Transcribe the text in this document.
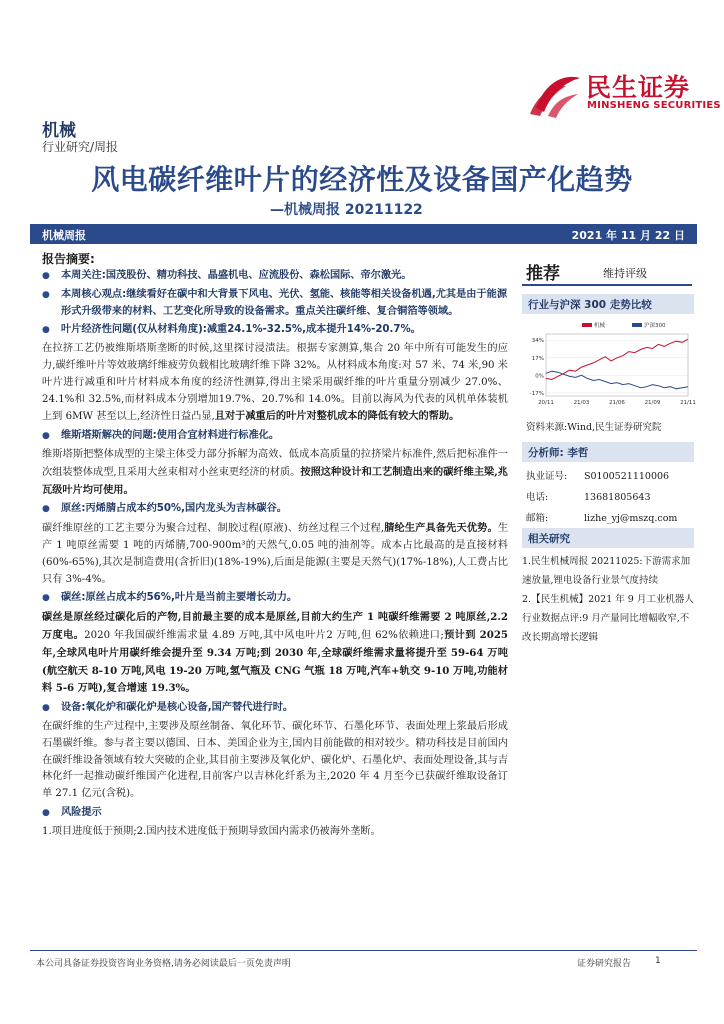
民生证券
MINSHENG SECURITIES
机械
行业研究/周报
风电碳纤维叶片的经济性及设备国产化趋势
—机械周报 20211122
机械周报	2021 年 11 月 22 日
报告摘要:
● 本周关注:国茂股份、精功科技、晶盛机电、应流股份、森松国际、帝尔激光。
● 本周核心观点:继续看好在碳中和大背景下风电、光伏、氢能、核能等相关设备机遇,尤其是由于能源形式升级带来的材料、工艺变化所导致的设备需求。重点关注碳纤维、复合铜箔等领域。
● 叶片经济性问题(仅从材料角度):减重24.1%-32.5%,成本提升14%-20.7%。

在拉挤工艺仍被维斯塔斯垄断的时候,这里探讨浸渍法。根据专家测算,集合 20 年中所有可能发生的应力,碳纤维叶片等效玻璃纤维疲劳负载相比玻璃纤维下降 32%。从材料成本角度:对 57 米、74 米,90 米叶片进行减重和叶片材料成本角度的经济性测算,得出主梁采用碳纤维的叶片重量分别减少 27.0%、24.1%和 32.5%,而材料成本分别增加19.7%、20.7%和 14.0%。目前以海风为代表的风机单体装机上到 6MW 甚至以上,经济性日益凸显,且对于减重后的叶片对整机成本的降低有较大的帮助。

● 维斯塔斯解决的问题:使用合宜材料进行标准化。

维斯塔斯把整体成型的主梁主体受力部分拆解为高效、低成本高质量的拉挤梁片标准件,然后把标准件一次组装整体成型,且采用大丝束相对小丝束更经济的材质。按照这种设计和工艺制造出来的碳纤维主梁,兆瓦级叶片均可使用。

● 原丝:丙烯腈占成本约50%,国内龙头为吉林碳谷。

碳纤维原丝的工艺主要分为聚合过程、制胶过程(原液)、纺丝过程三个过程,腈纶生产具备先天优势。生产 1 吨原丝需要 1 吨的丙烯腈,700-900m³的天然气,0.05 吨的油剂等。成本占比最高的是直接材料(60%-65%),其次是制造费用(含折旧)(18%-19%),后面是能源(主要是天然气)(17%-18%),人工费占比只有 3%-4%。

● 碳丝:原丝占成本约56%,叶片是当前主要增长动力。

碳丝是原丝经过碳化后的产物,目前最主要的成本是原丝,目前大约生产 1 吨碳纤维需要 2 吨原丝,2.2 万度电。2020 年我国碳纤维需求量 4.89 万吨,其中风电叶片2 万吨,但 62%依赖进口;预计到 2025 年,全球风电叶片用碳纤维会提升至 9.34 万吨;到 2030 年,全球碳纤维需求量将提升至 59-64 万吨(航空航天 8-10 万吨,风电 19-20 万吨,氢气瓶及 CNG 气瓶 18 万吨,汽车+轨交 9-10 万吨,功能材料 5-6 万吨),复合增速 19.3%。

● 设备:氧化炉和碳化炉是核心设备,国产替代进行时。

在碳纤维的生产过程中,主要涉及原丝制备、氧化环节、碳化环节、石墨化环节、表面处理上浆最后形成石墨碳纤维。参与者主要以德国、日本、美国企业为主,国内目前能做的相对较少。精功科技是目前国内在碳纤维设备领域有较大突破的企业,其目前主要涉及氧化炉、碳化炉、石墨化炉、表面处理设备,其与吉林化纤一起推动碳纤维国产化进程,目前客户以吉林化纤系为主,2020 年 4 月至今已获碳纤维取设备订单 27.1 亿元(含税)。

● 风险提示

1.项目进度低于预期;2.国内技术进度低于预期导致国内需求仍被海外垄断。

推荐	维持评级
行业与沪深 300 走势比较
机械	沪深300
34%
17%
0%
-17%
20/11	21/03	21/06	21/09	21/11
资料来源:Wind,民生证券研究院
分析师: 李哲
执业证号: S0100521110006
电话:	13681805643
邮箱:	lizhe_yj@mszq.com
相关研究
1.民生机械周报 20211025:下游需求加速放量,锂电设备行业景气度持续
2.【民生机械】2021 年 9 月工业机器人行业数据点评:9 月产量同比增幅收窄,不改长期高增长逻辑
本公司具备证券投资咨询业务资格,请务必阅读最后一页免责声明	证券研究报告	1
